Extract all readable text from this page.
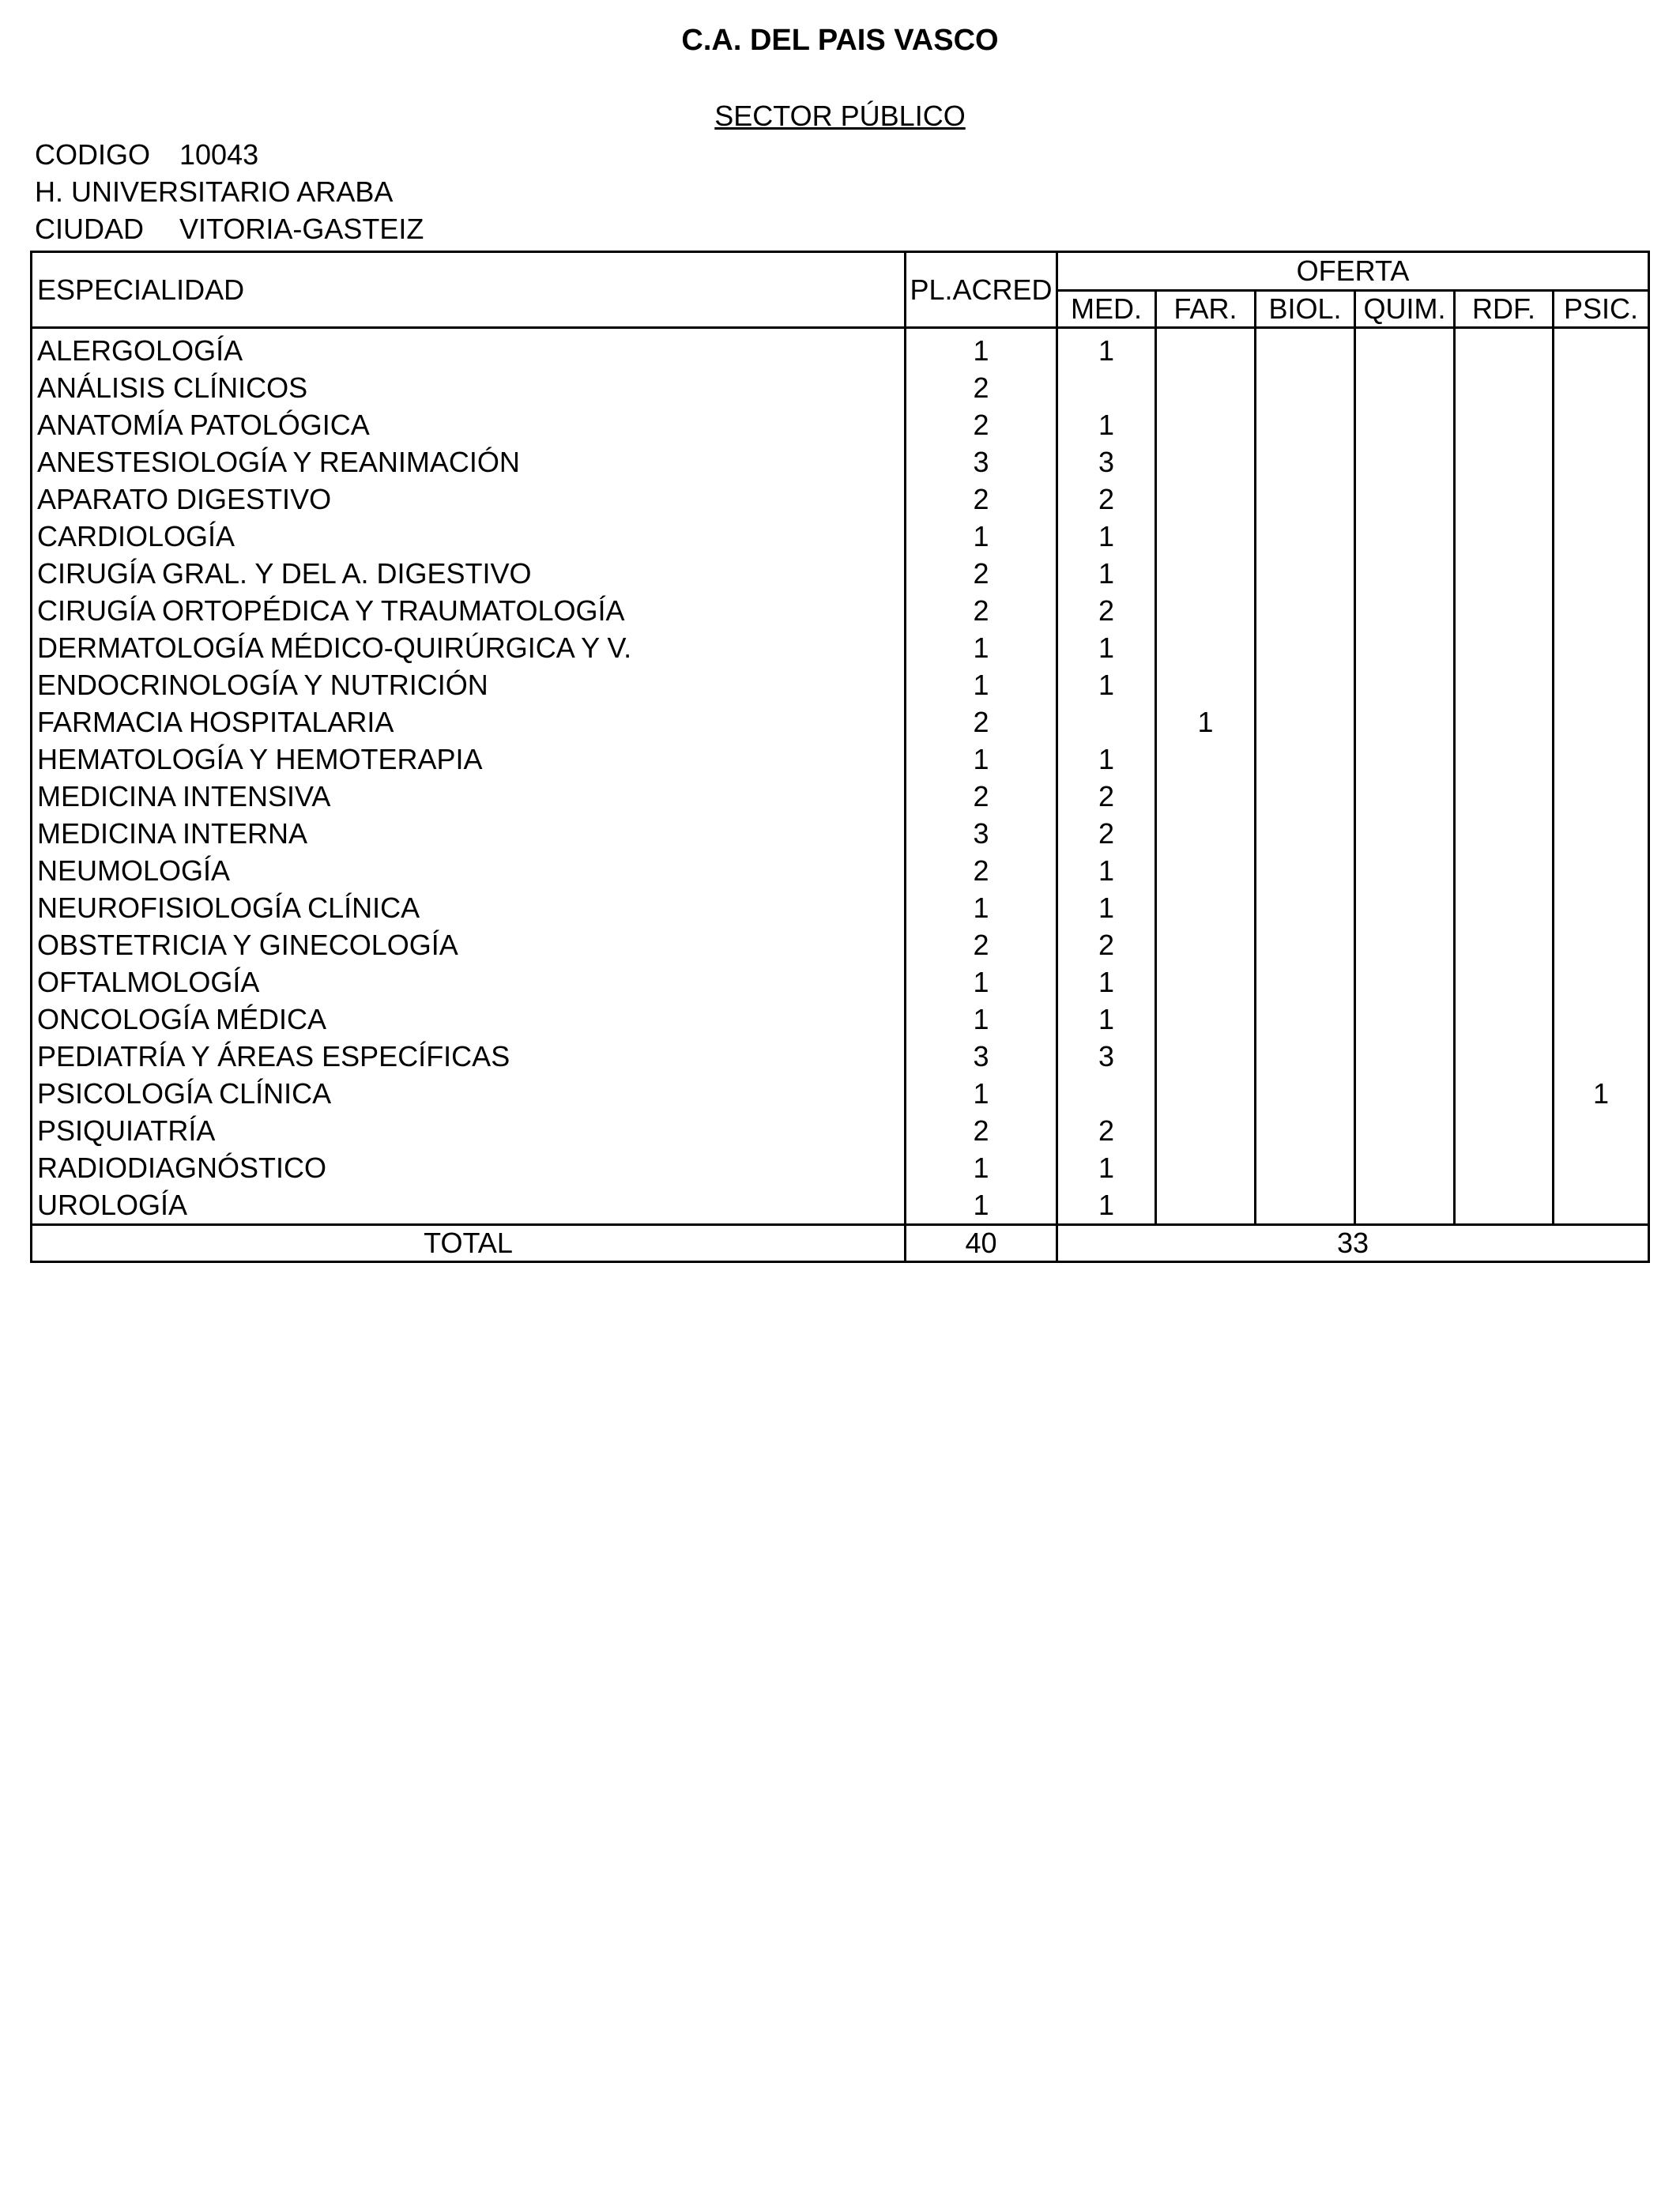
C.A. DEL PAIS VASCO
SECTOR PÚBLICO
CODIGO 10043
H. UNIVERSITARIO ARABA
CIUDAD VITORIA-GASTEIZ
ESPECIALIDAD	PL.ACRED	OFERTA					
		MED.	FAR.	BIOL.	QUIM.	RDF.	PSIC.
ALERGOLOGÍA	1	1					
ANÁLISIS CLÍNICOS	2						
ANATOMÍA PATOLÓGICA	2	1					
ANESTESIOLOGÍA Y REANIMACIÓN	3	3					
APARATO DIGESTIVO	2	2					
CARDIOLOGÍA	1	1					
CIRUGÍA GRAL. Y DEL A. DIGESTIVO	2	1					
CIRUGÍA ORTOPÉDICA Y TRAUMATOLOGÍA	2	2					
DERMATOLOGÍA MÉDICO-QUIRÚRGICA Y V.	1	1					
ENDOCRINOLOGÍA Y NUTRICIÓN	1	1					
FARMACIA HOSPITALARIA	2		1				
HEMATOLOGÍA Y HEMOTERAPIA	1	1					
MEDICINA INTENSIVA	2	2					
MEDICINA INTERNA	3	2					
NEUMOLOGÍA	2	1					
NEUROFISIOLOGÍA CLÍNICA	1	1					
OBSTETRICIA Y GINECOLOGÍA	2	2					
OFTALMOLOGÍA	1	1					
ONCOLOGÍA MÉDICA	1	1					
PEDIATRÍA Y ÁREAS ESPECÍFICAS	3	3					
PSICOLOGÍA CLÍNICA	1						1
PSIQUIATRÍA	2	2					
RADIODIAGNÓSTICO	1	1					
UROLOGÍA	1	1					
TOTAL	40	33					
